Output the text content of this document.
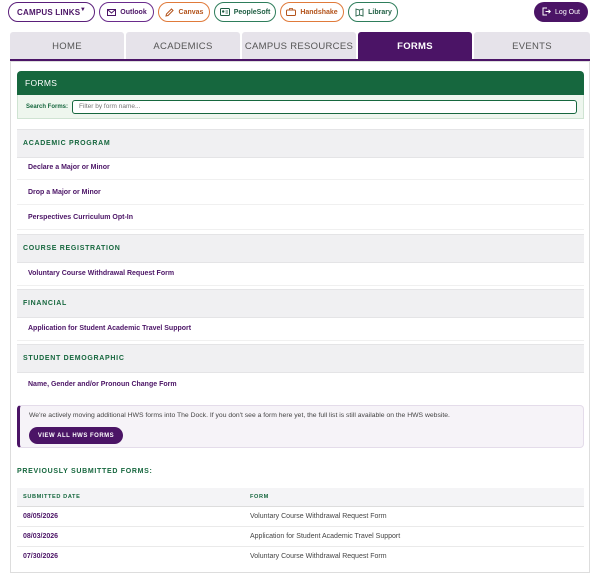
CAMPUS LINKS ▼	Outlook	Canvas	PeopleSoft	Handshake	Library	Log Out
HOME	ACADEMICS	CAMPUS RESOURCES	FORMS	EVENTS
FORMS
Search Forms:
Filter by form name...
ACADEMIC PROGRAM
Declare a Major or Minor
Drop a Major or Minor
Perspectives Curriculum Opt-In
COURSE REGISTRATION
Voluntary Course Withdrawal Request Form
FINANCIAL
Application for Student Academic Travel Support
STUDENT DEMOGRAPHIC
Name, Gender and/or Pronoun Change Form
We're actively moving additional HWS forms into The Dock. If you don't see a form here yet, the full list is still available on the HWS website.
VIEW ALL HWS FORMS
PREVIOUSLY SUBMITTED FORMS:
SUBMITTED DATE	FORM
08/05/2026	Voluntary Course Withdrawal Request Form
08/03/2026	Application for Student Academic Travel Support
07/30/2026	Voluntary Course Withdrawal Request Form
